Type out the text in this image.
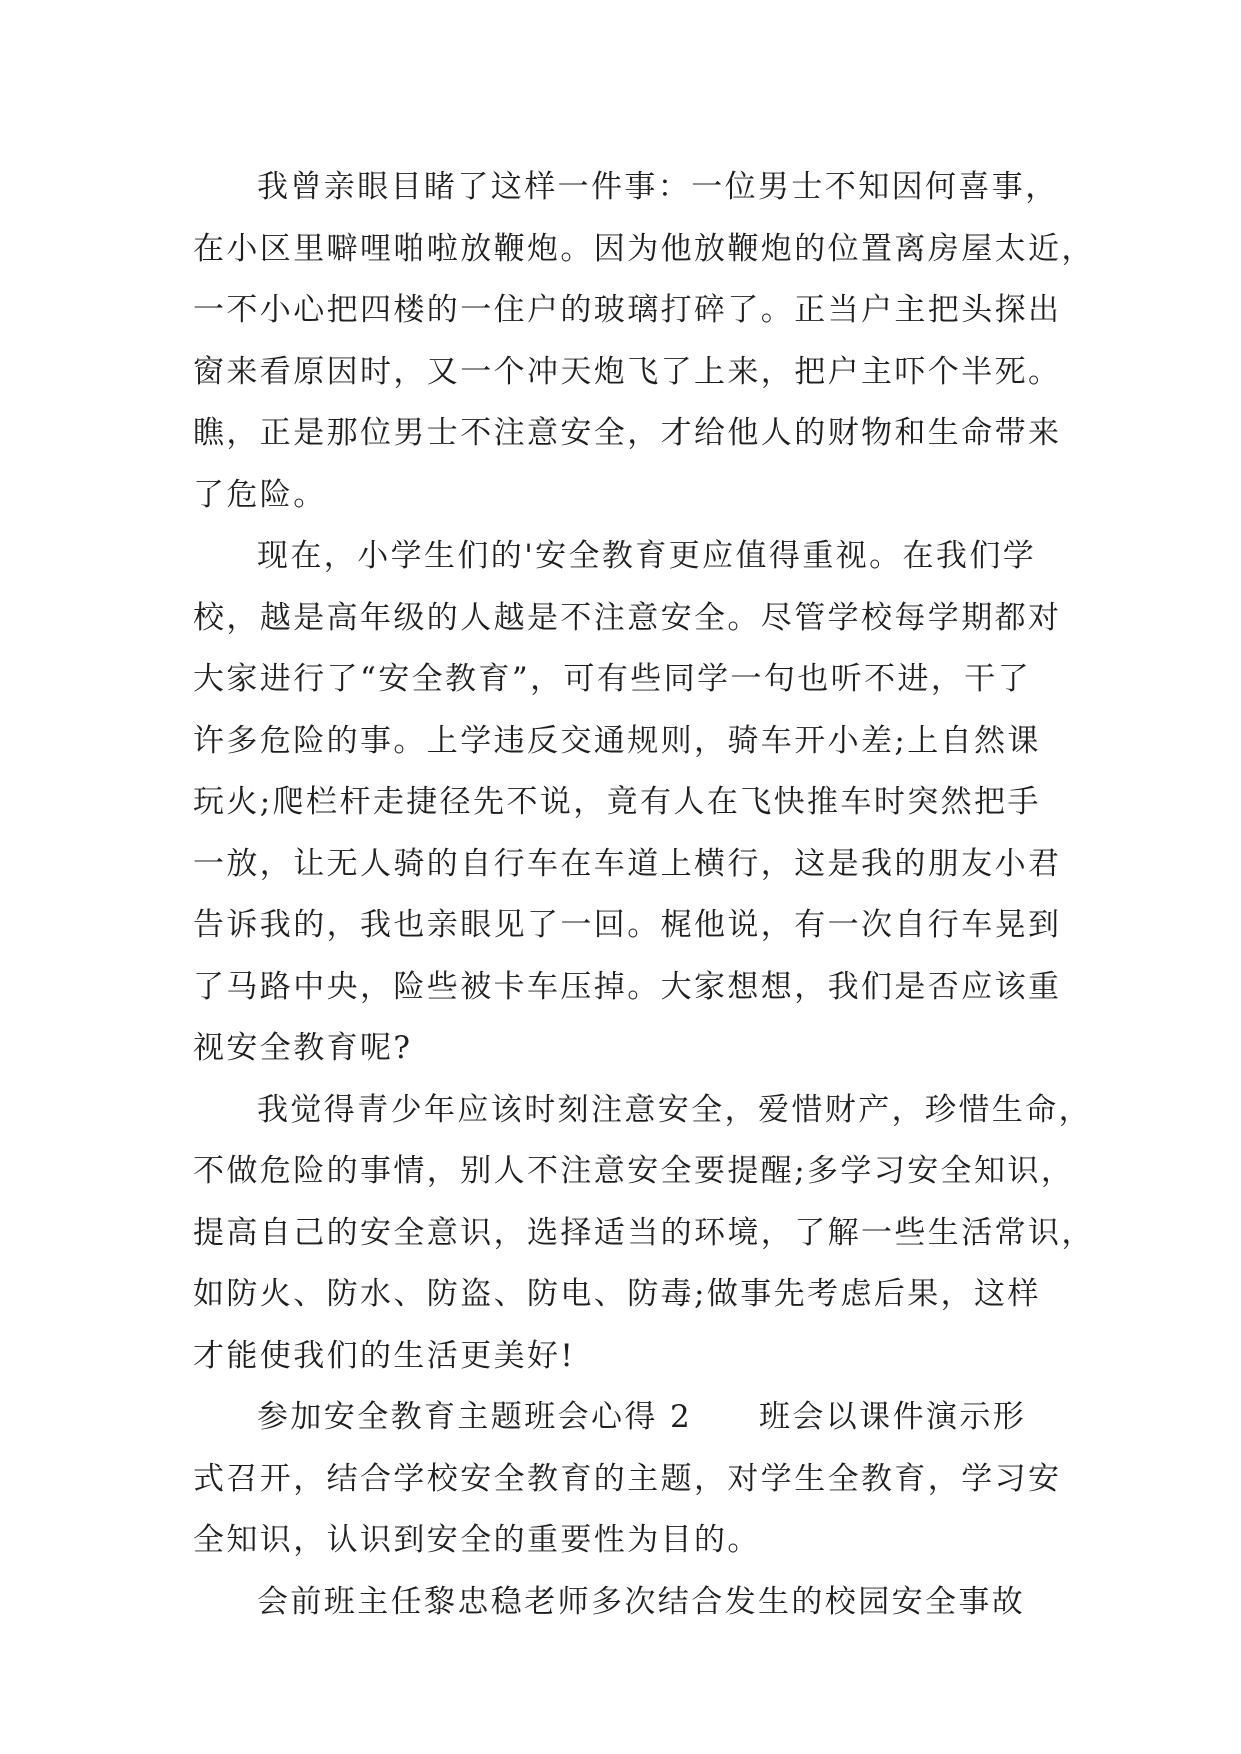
我曾亲眼目睹了这样一件事：一位男士不知因何喜事，
在小区里噼哩啪啦放鞭炮。因为他放鞭炮的位置离房屋太近，
一不小心把四楼的一住户的玻璃打碎了。正当户主把头探出
窗来看原因时，又一个冲天炮飞了上来，把户主吓个半死。
瞧，正是那位男士不注意安全，才给他人的财物和生命带来
了危险。
现在，小学生们的'安全教育更应值得重视。在我们学
校，越是高年级的人越是不注意安全。尽管学校每学期都对
大家进行了“安全教育”，可有些同学一句也听不进，干了
许多危险的事。上学违反交通规则，骑车开小差;上自然课
玩火;爬栏杆走捷径先不说，竟有人在飞快推车时突然把手
一放，让无人骑的自行车在车道上横行，这是我的朋友小君
告诉我的，我也亲眼见了一回。梶他说，有一次自行车晃到
了马路中央，险些被卡车压掉。大家想想，我们是否应该重
视安全教育呢?
我觉得青少年应该时刻注意安全，爱惜财产，珍惜生命，
不做危险的事情，别人不注意安全要提醒;多学习安全知识，
提高自己的安全意识，选择适当的环境，了解一些生活常识，
如防火、防水、防盗、防电、防毒;做事先考虑后果，这样
才能使我们的生活更美好!
参加安全教育主题班会心得 2　　班会以课件演示形
式召开，结合学校安全教育的主题，对学生全教育，学习安
全知识，认识到安全的重要性为目的。
会前班主任黎忠稳老师多次结合发生的校园安全事故
